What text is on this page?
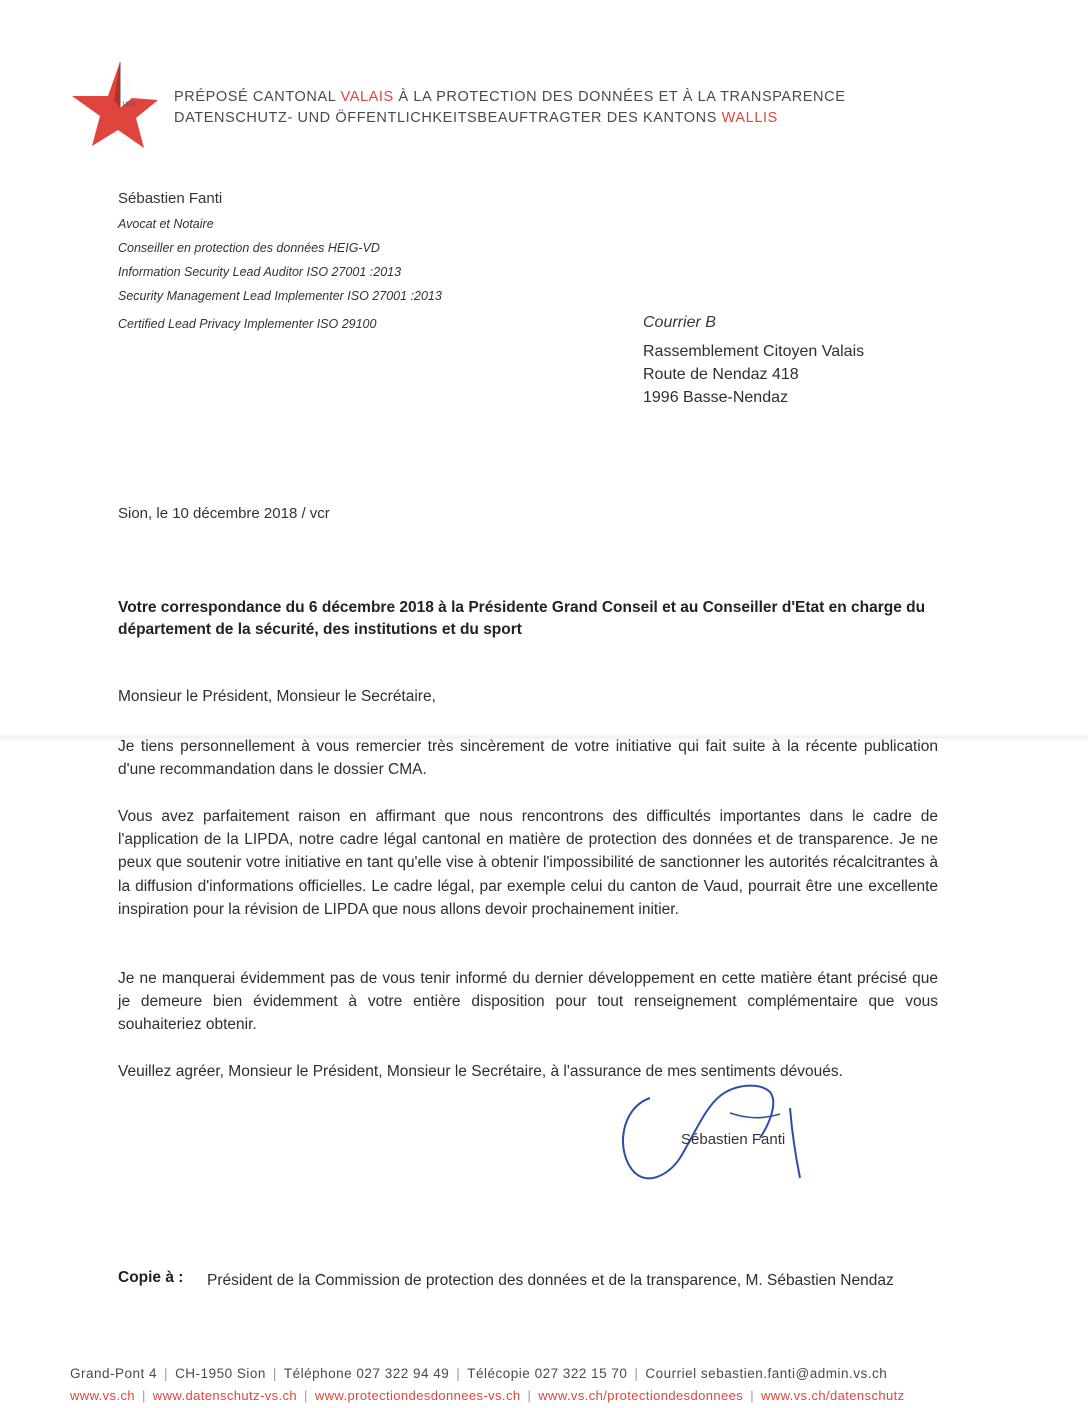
1815	PRÉPOSÉ CANTONAL VALAIS À LA PROTECTION DES DONNÉES ET À LA TRANSPARENCE
DATENSCHUTZ- UND ÖFFENTLICHKEITSBEAUFTRAGTER DES KANTONS WALLIS
Sébastien Fanti
Avocat et Notaire
Conseiller en protection des données HEIG-VD
Information Security Lead Auditor ISO 27001 :2013
Security Management Lead Implementer ISO 27001 :2013
Certified Lead Privacy Implementer ISO 29100	Courrier B
Rassemblement Citoyen Valais
Route de Nendaz 418
1996 Basse-Nendaz
Sion, le 10 décembre 2018 / vcr
Votre correspondance du 6 décembre 2018 à la Présidente Grand Conseil et au Conseiller d'Etat en charge du département de la sécurité, des institutions et du sport
Monsieur le Président, Monsieur le Secrétaire,
Je tiens personnellement à vous remercier très sincèrement de votre initiative qui fait suite à la récente publication d'une recommandation dans le dossier CMA.
Vous avez parfaitement raison en affirmant que nous rencontrons des difficultés importantes dans le cadre de l'application de la LIPDA, notre cadre légal cantonal en matière de protection des données et de transparence. Je ne peux que soutenir votre initiative en tant qu'elle vise à obtenir l'impossibilité de sanctionner les autorités récalcitrantes à la diffusion d'informations officielles. Le cadre légal, par exemple celui du canton de Vaud, pourrait être une excellente inspiration pour la révision de LIPDA que nous allons devoir prochainement initier.
Je ne manquerai évidemment pas de vous tenir informé du dernier développement en cette matière étant précisé que je demeure bien évidemment à votre entière disposition pour tout renseignement complémentaire que vous souhaiteriez obtenir.
Veuillez agréer, Monsieur le Président, Monsieur le Secrétaire, à l'assurance de mes sentiments dévoués.
Sébastien Fanti
Copie à : Président de la Commission de protection des données et de la transparence, M. Sébastien Nendaz
Grand-Pont 4 | CH-1950 Sion | Téléphone 027 322 94 49 | Télécopie 027 322 15 70 | Courriel sebastien.fanti@admin.vs.ch
www.vs.ch | www.datenschutz-vs.ch | www.protectiondesdonnees-vs.ch | www.vs.ch/protectiondesdonnees | www.vs.ch/datenschutz
